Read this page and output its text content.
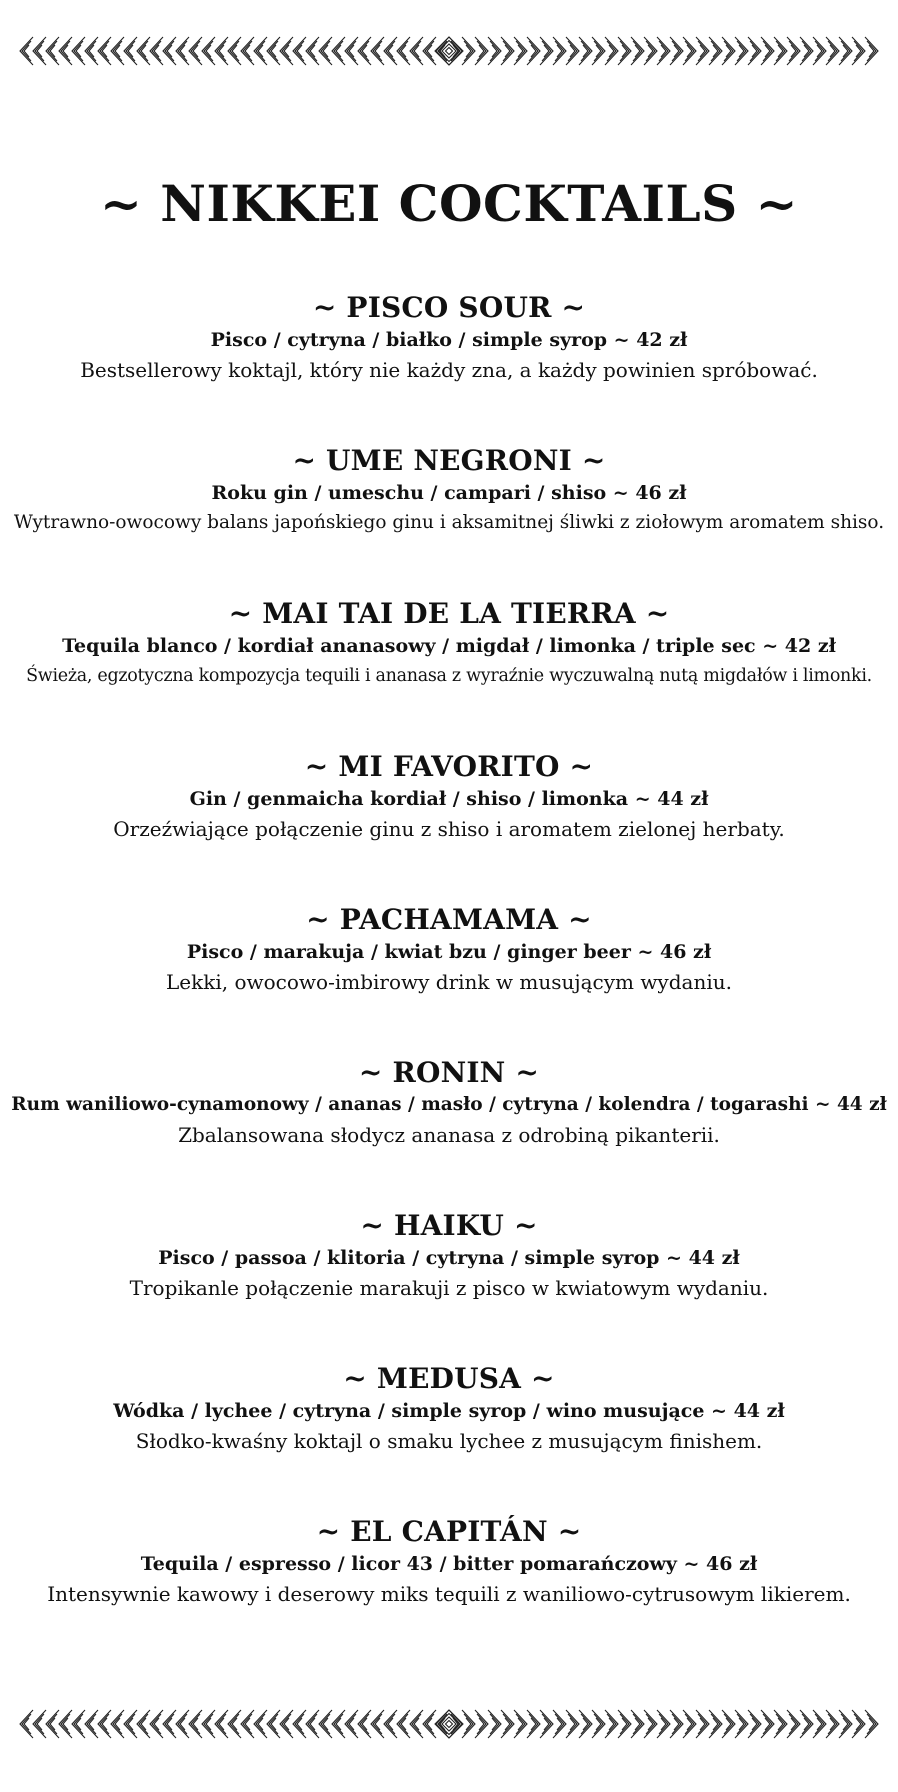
~ NIKKEI COCKTAILS ~

~ PISCO SOUR ~

Pisco / cytryna / białko / simple syrop ~ 42 zł

Bestsellerowy koktajl, który nie każdy zna, a każdy powinien spróbować.

~ UME NEGRONI ~

Roku gin / umeschu / campari / shiso ~ 46 zł

Wytrawno-owocowy balans japońskiego ginu i aksamitnej śliwki z ziołowym aromatem shiso.

~ MAI TAI DE LA TIERRA ~

Tequila blanco / kordiał ananasowy / migdał / limonka / triple sec ~ 42 zł

Świeża, egzotyczna kompozycja tequili i ananasa z wyraźnie wyczuwalną nutą migdałów i limonki.

~ MI FAVORITO ~

Gin / genmaicha kordiał / shiso / limonka ~ 44 zł

Orzeźwiające połączenie ginu z shiso i aromatem zielonej herbaty.

~ PACHAMAMA ~

Pisco / marakuja / kwiat bzu / ginger beer ~ 46 zł

Lekki, owocowo-imbirowy drink w musującym wydaniu.

~ RONIN ~

Rum waniliowo-cynamonowy / ananas / masło / cytryna / kolendra / togarashi ~ 44 zł

Zbalansowana słodycz ananasa z odrobiną pikanterii.

~ HAIKU ~

Pisco / passoa / klitoria / cytryna / simple syrop ~ 44 zł

Tropikanle połączenie marakuji z pisco w kwiatowym wydaniu.

~ MEDUSA ~

Wódka / lychee / cytryna / simple syrop / wino musujące ~ 44 zł

Słodko-kwaśny koktajl o smaku lychee z musującym finishem.

~ EL CAPITÁN ~

Tequila / espresso / licor 43 / bitter pomarańczowy ~ 46 zł

Intensywnie kawowy i deserowy miks tequili z waniliowo-cytrusowym likierem.
